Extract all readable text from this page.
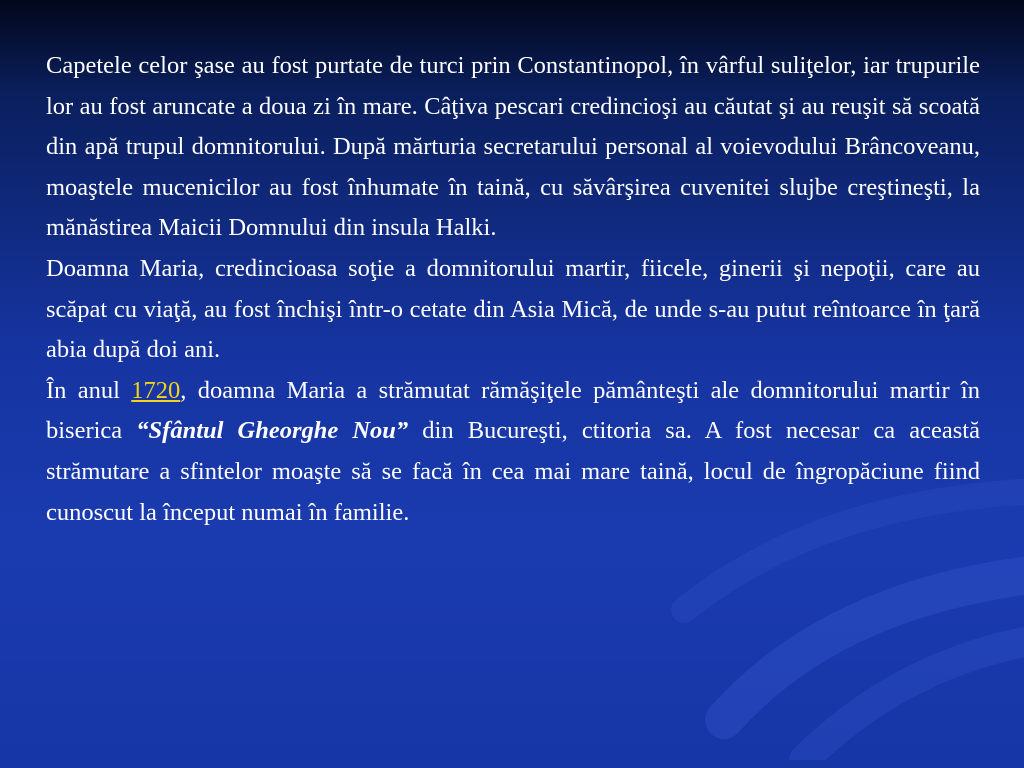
Capetele celor şase au fost purtate de turci prin Constantinopol, în vârful suliţelor, iar trupurile lor au fost aruncate a doua zi în mare. Câţiva pescari credincioşi au căutat şi au reuşit să scoată din apă trupul domnitorului. După mărturia secretarului personal al voievodului Brâncoveanu, moaştele mucenicilor au fost înhumate în taină, cu săvârşirea cuvenitei slujbe creştineşti, la mănăstirea Maicii Domnului din insula Halki.

Doamna Maria, credincioasa soţie a domnitorului martir, fiicele, ginerii şi nepoţii, care au scăpat cu viaţă, au fost închişi într-o cetate din Asia Mică, de unde s-au putut reîntoarce în ţară abia după doi ani.

În anul 1720, doamna Maria a strămutat rămăşiţele pământeşti ale domnitorului martir în biserica “Sfântul Gheorghe Nou” din Bucureşti, ctitoria sa. A fost necesar ca această strămutare a sfintelor moaşte să se facă în cea mai mare taină, locul de îngropăciune fiind cunoscut la început numai în familie.
